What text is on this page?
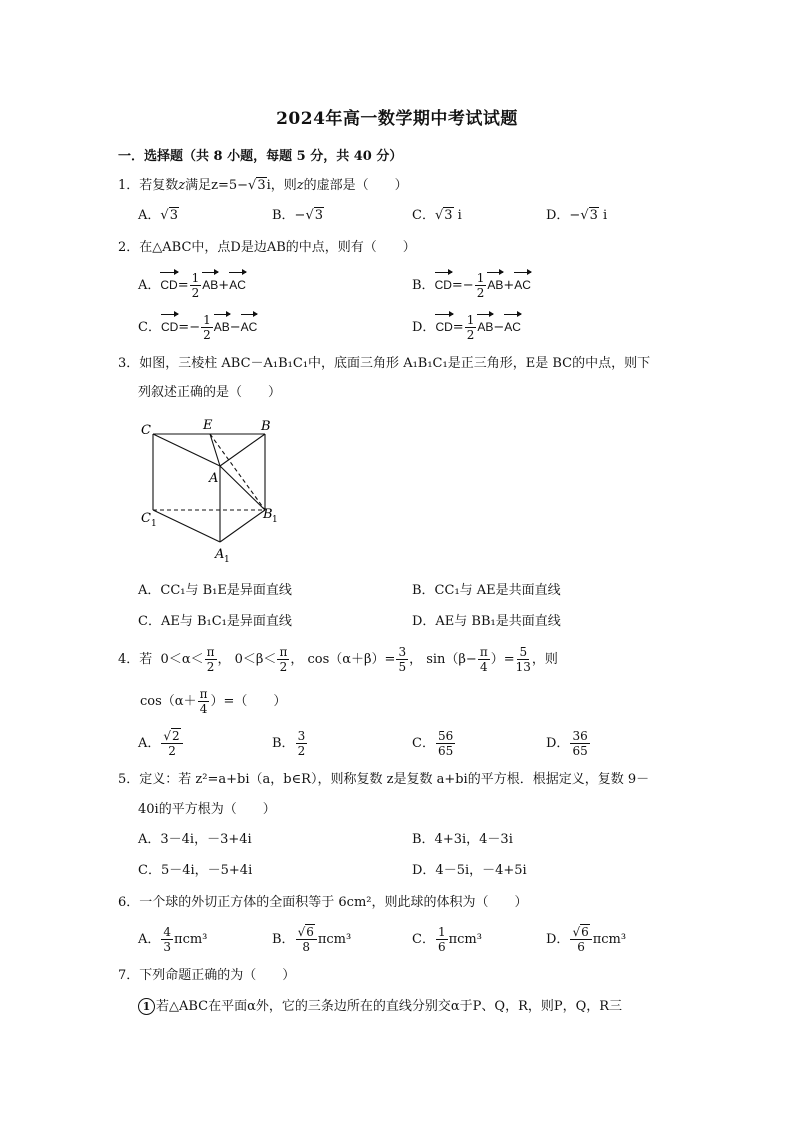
2024年高一数学期中考试试题
一．选择题（共 8 小题，每题 5 分，共 40 分）
1．若复数z满足z=5−√3i，则z的虚部是（　　）
A．√3	B．−√3	C．√3 i	D．−√3 i
2．在△ABC中，点D是边AB的中点，则有（　　）
A．$CD= \frac{1}{2} AB+AC$	B．$CD=- \frac{1}{2} AB+AC$
C．$CD=- \frac{1}{2} AB-AC$	D．$CD= \frac{1}{2} AB-AC$
3．如图，三棱柱 ABC－A₁B₁C₁中，底面三角形 A₁B₁C₁是正三角形，E是 BC的中点，则下
列叙述正确的是（　　）
C	E	B
A
C 1
B 1
A 1
A．CC₁与 B₁E是异面直线	B．CC₁与 AE是共面直线
C．AE与 B₁C₁是异面直线	D．AE与 BB₁是共面直线
4．若 $0<\alpha< \frac{\pi}{2}$ ， $0<\beta< \frac{\pi}{2}$ ， $\cos(\alpha+\beta)= \frac{3}{5}$ ， $\sin(\beta- \frac{\pi}{4}$ ）= $\frac{5}{13}$ ，则
$\cos(\alpha+ \frac{\pi}{4}$ ）=（　　）
A． $\frac{√2}{2}$	B． $\frac{3}{2}$	C． $\frac{56}{65}$	D． $\frac{36}{65}$
5．定义：若 z²=a+bi（a，b∈R），则称复数 z是复数 a+bi的平方根．根据定义，复数 9－
40i的平方根为（　　）
A．3－4i，－3+4i	B．4+3i，4－3i
C．5－4i，－5+4i	D．4－5i，－4+5i
6．一个球的外切正方体的全面积等于 6cm²，则此球的体积为（　　）
A． $\frac{4}{3} \pi cm^3$	B． $\frac{√6}{8} \pi cm^3$	C． $\frac{1}{6} \pi cm^3$	D． $\frac{√6}{6} \pi cm^3$
7．下列命题正确的为（　　）
1 若△ABC在平面α外，它的三条边所在的直线分别交α于P、Q，R，则P，Q，R三
